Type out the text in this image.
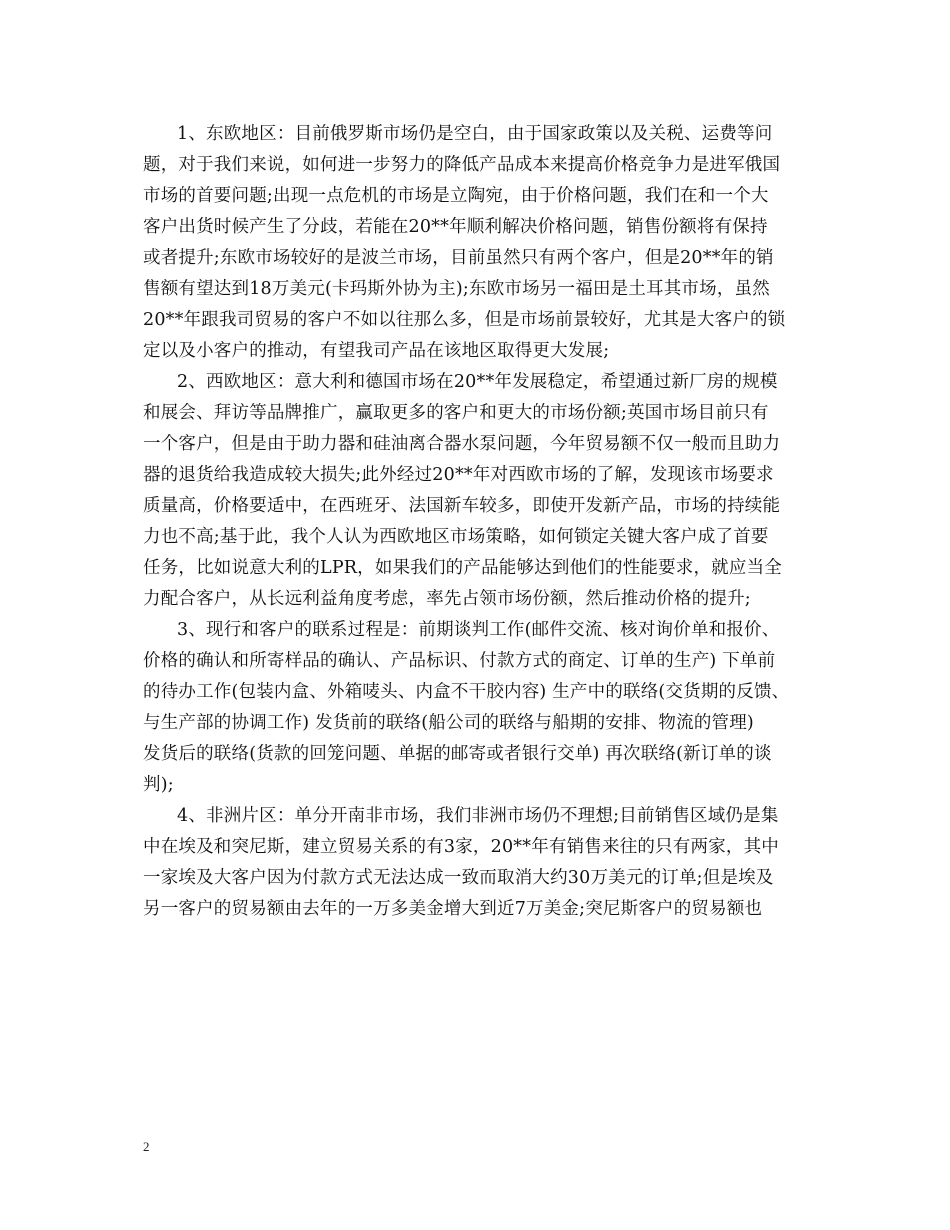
1、东欧地区：目前俄罗斯市场仍是空白，由于国家政策以及关税、运费等问
题，对于我们来说，如何进一步努力的降低产品成本来提高价格竞争力是进军俄国
市场的首要问题;出现一点危机的市场是立陶宛，由于价格问题，我们在和一个大
客户出货时候产生了分歧，若能在20**年顺利解决价格问题，销售份额将有保持
或者提升;东欧市场较好的是波兰市场，目前虽然只有两个客户，但是20**年的销
售额有望达到18万美元(卡玛斯外协为主);东欧市场另一福田是土耳其市场，虽然
20**年跟我司贸易的客户不如以往那么多，但是市场前景较好，尤其是大客户的锁
定以及小客户的推动，有望我司产品在该地区取得更大发展;
2、西欧地区：意大利和德国市场在20**年发展稳定，希望通过新厂房的规模
和展会、拜访等品牌推广，赢取更多的客户和更大的市场份额;英国市场目前只有
一个客户，但是由于助力器和硅油离合器水泵问题，今年贸易额不仅一般而且助力
器的退货给我造成较大损失;此外经过20**年对西欧市场的了解，发现该市场要求
质量高，价格要适中，在西班牙、法国新车较多，即使开发新产品，市场的持续能
力也不高;基于此，我个人认为西欧地区市场策略，如何锁定关键大客户成了首要
任务，比如说意大利的LPR，如果我们的产品能够达到他们的性能要求，就应当全
力配合客户，从长远利益角度考虑，率先占领市场份额，然后推动价格的提升;
3、现行和客户的联系过程是：前期谈判工作(邮件交流、核对询价单和报价、
价格的确认和所寄样品的确认、产品标识、付款方式的商定、订单的生产) 下单前
的待办工作(包装内盒、外箱唛头、内盒不干胶内容) 生产中的联络(交货期的反馈、
与生产部的协调工作) 发货前的联络(船公司的联络与船期的安排、物流的管理)
发货后的联络(货款的回笼问题、单据的邮寄或者银行交单) 再次联络(新订单的谈
判);
4、非洲片区：单分开南非市场，我们非洲市场仍不理想;目前销售区域仍是集
中在埃及和突尼斯，建立贸易关系的有3家，20**年有销售来往的只有两家，其中
一家埃及大客户因为付款方式无法达成一致而取消大约30万美元的订单;但是埃及
另一客户的贸易额由去年的一万多美金增大到近7万美金;突尼斯客户的贸易额也
2
